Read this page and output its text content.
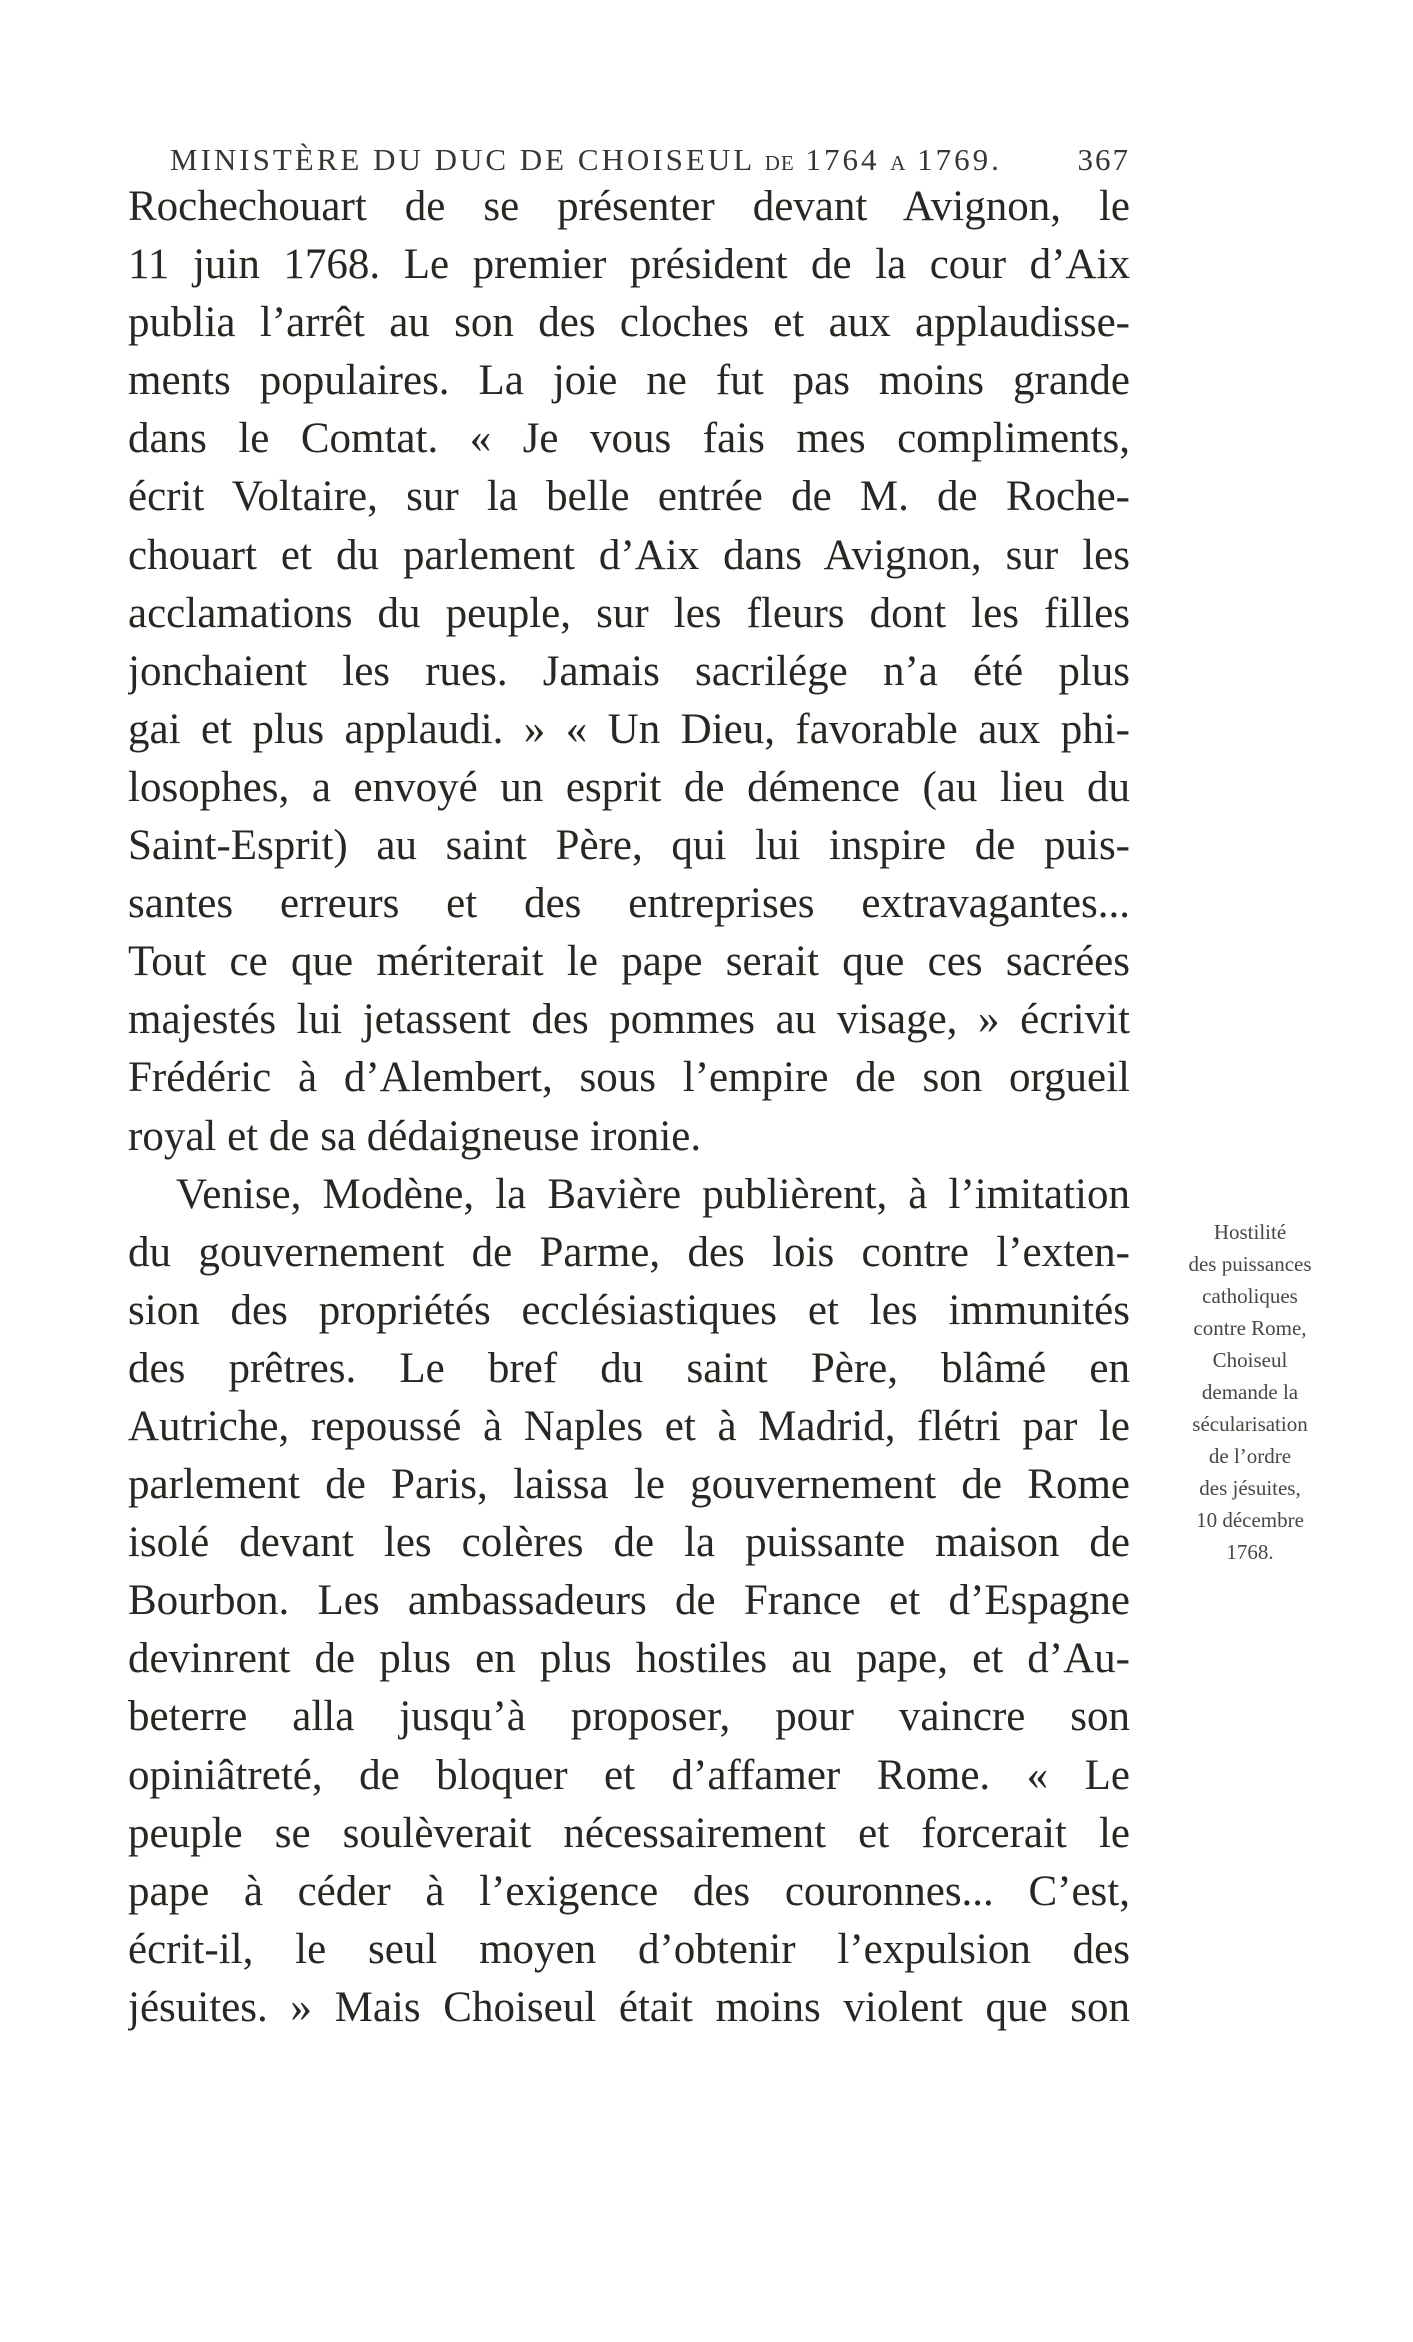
MINISTÈRE DU DUC DE CHOISEUL DE 1764 A 1769. 367
Rochechouart de se présenter devant Avignon, le
11 juin 1768. Le premier président de la cour d’Aix
publia l’arrêt au son des cloches et aux applaudisse-
ments populaires. La joie ne fut pas moins grande
dans le Comtat. « Je vous fais mes compliments,
écrit Voltaire, sur la belle entrée de M. de Roche-
chouart et du parlement d’Aix dans Avignon, sur les
acclamations du peuple, sur les fleurs dont les filles
jonchaient les rues. Jamais sacrilége n’a été plus
gai et plus applaudi. » « Un Dieu, favorable aux phi-
losophes, a envoyé un esprit de démence (au lieu du
Saint-Esprit) au saint Père, qui lui inspire de puis-
santes erreurs et des entreprises extravagantes...
Tout ce que mériterait le pape serait que ces sacrées
majestés lui jetassent des pommes au visage, » écrivit
Frédéric à d’Alembert, sous l’empire de son orgueil
royal et de sa dédaigneuse ironie.
Venise, Modène, la Bavière publièrent, à l’imitation
du gouvernement de Parme, des lois contre l’exten-
sion des propriétés ecclésiastiques et les immunités
des prêtres. Le bref du saint Père, blâmé en
Autriche, repoussé à Naples et à Madrid, flétri par le
parlement de Paris, laissa le gouvernement de Rome
isolé devant les colères de la puissante maison de
Bourbon. Les ambassadeurs de France et d’Espagne
devinrent de plus en plus hostiles au pape, et d’Au-
beterre alla jusqu’à proposer, pour vaincre son
opiniâtreté, de bloquer et d’affamer Rome. « Le
peuple se soulèverait nécessairement et forcerait le
pape à céder à l’exigence des couronnes... C’est,
écrit-il, le seul moyen d’obtenir l’expulsion des
jésuites. » Mais Choiseul était moins violent que son
Hostilité
des puissances
catholiques
contre Rome,
Choiseul
demande la
sécularisation
de l’ordre
des jésuites,
10 décembre
1768.
